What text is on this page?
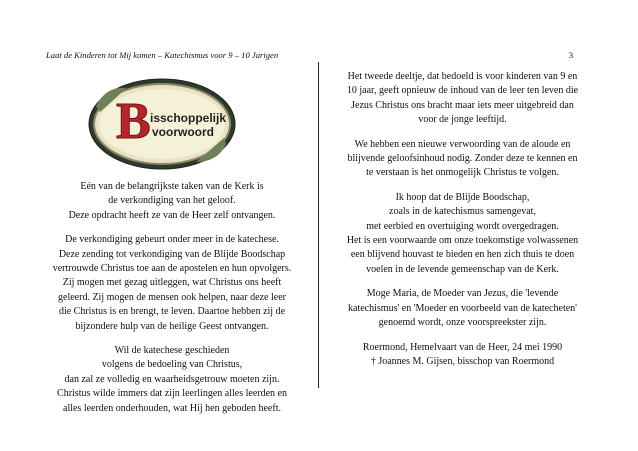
Laat de Kinderen tot Mij komen – Katechismus voor 9 – 10 Jarigen	3
B isschoppelijk
voorwoord

Eén van de belangrijkste taken van de Kerk is

de verkondiging van het geloof.

Deze opdracht heeft ze van de Heer zelf ontvangen.

De verkondiging gebeurt onder meer in de katechese.

Deze zending tot verkondiging van de Blijde Boodschap

vertrouwde Christus toe aan de apostelen en hun opvolgers.

Zij mogen met gezag uitleggen, wat Christus ons heeft

geleerd. Zij mogen de mensen ook helpen, naar deze leer

die Christus is en brengt, te leven. Daartoe hebben zij de

bijzondere hulp van de heilige Geest ontvangen.

Wil de katechese geschieden

volgens de bedoeling van Christus,

dan zal ze volledig en waarheidsgetrouw moeten zijn.

Christus wilde immers dat zijn leerlingen alles leerden en

alles leerden onderhouden, wat Hij hen geboden heeft.

Het tweede deeltje, dat bedoeld is voor kinderen van 9 en

10 jaar, geeft opnieuw de inhoud van de leer ten leven die

Jezus Christus ons bracht maar iets meer uitgebreid dan

voor de jonge leeftijd.

We hebben een nieuwe verwoording van de aloude en

blijvende geloofsinhoud nodig. Zonder deze te kennen en

te verstaan is het onmogelijk Christus te volgen.

Ik hoop dat de Blijde Boodschap,

zoals in de katechismus samengevat,

met eerbied en overtuiging wordt overgedragen.

Het is een voorwaarde om onze toekomstige volwassenen

een blijvend houvast te bieden en hen zich thuis te doen

voelen in de levende gemeenschap van de Kerk.

Moge Maria, de Moeder van Jezus, die 'levende

katechismus' en 'Moeder en voorbeeld van de katecheten'

genoemd wordt, onze voorspreekster zijn.

Roermond, Hemelvaart van de Heer, 24 mei 1990

† Joannes M. Gijsen, bisschop van Roermond
